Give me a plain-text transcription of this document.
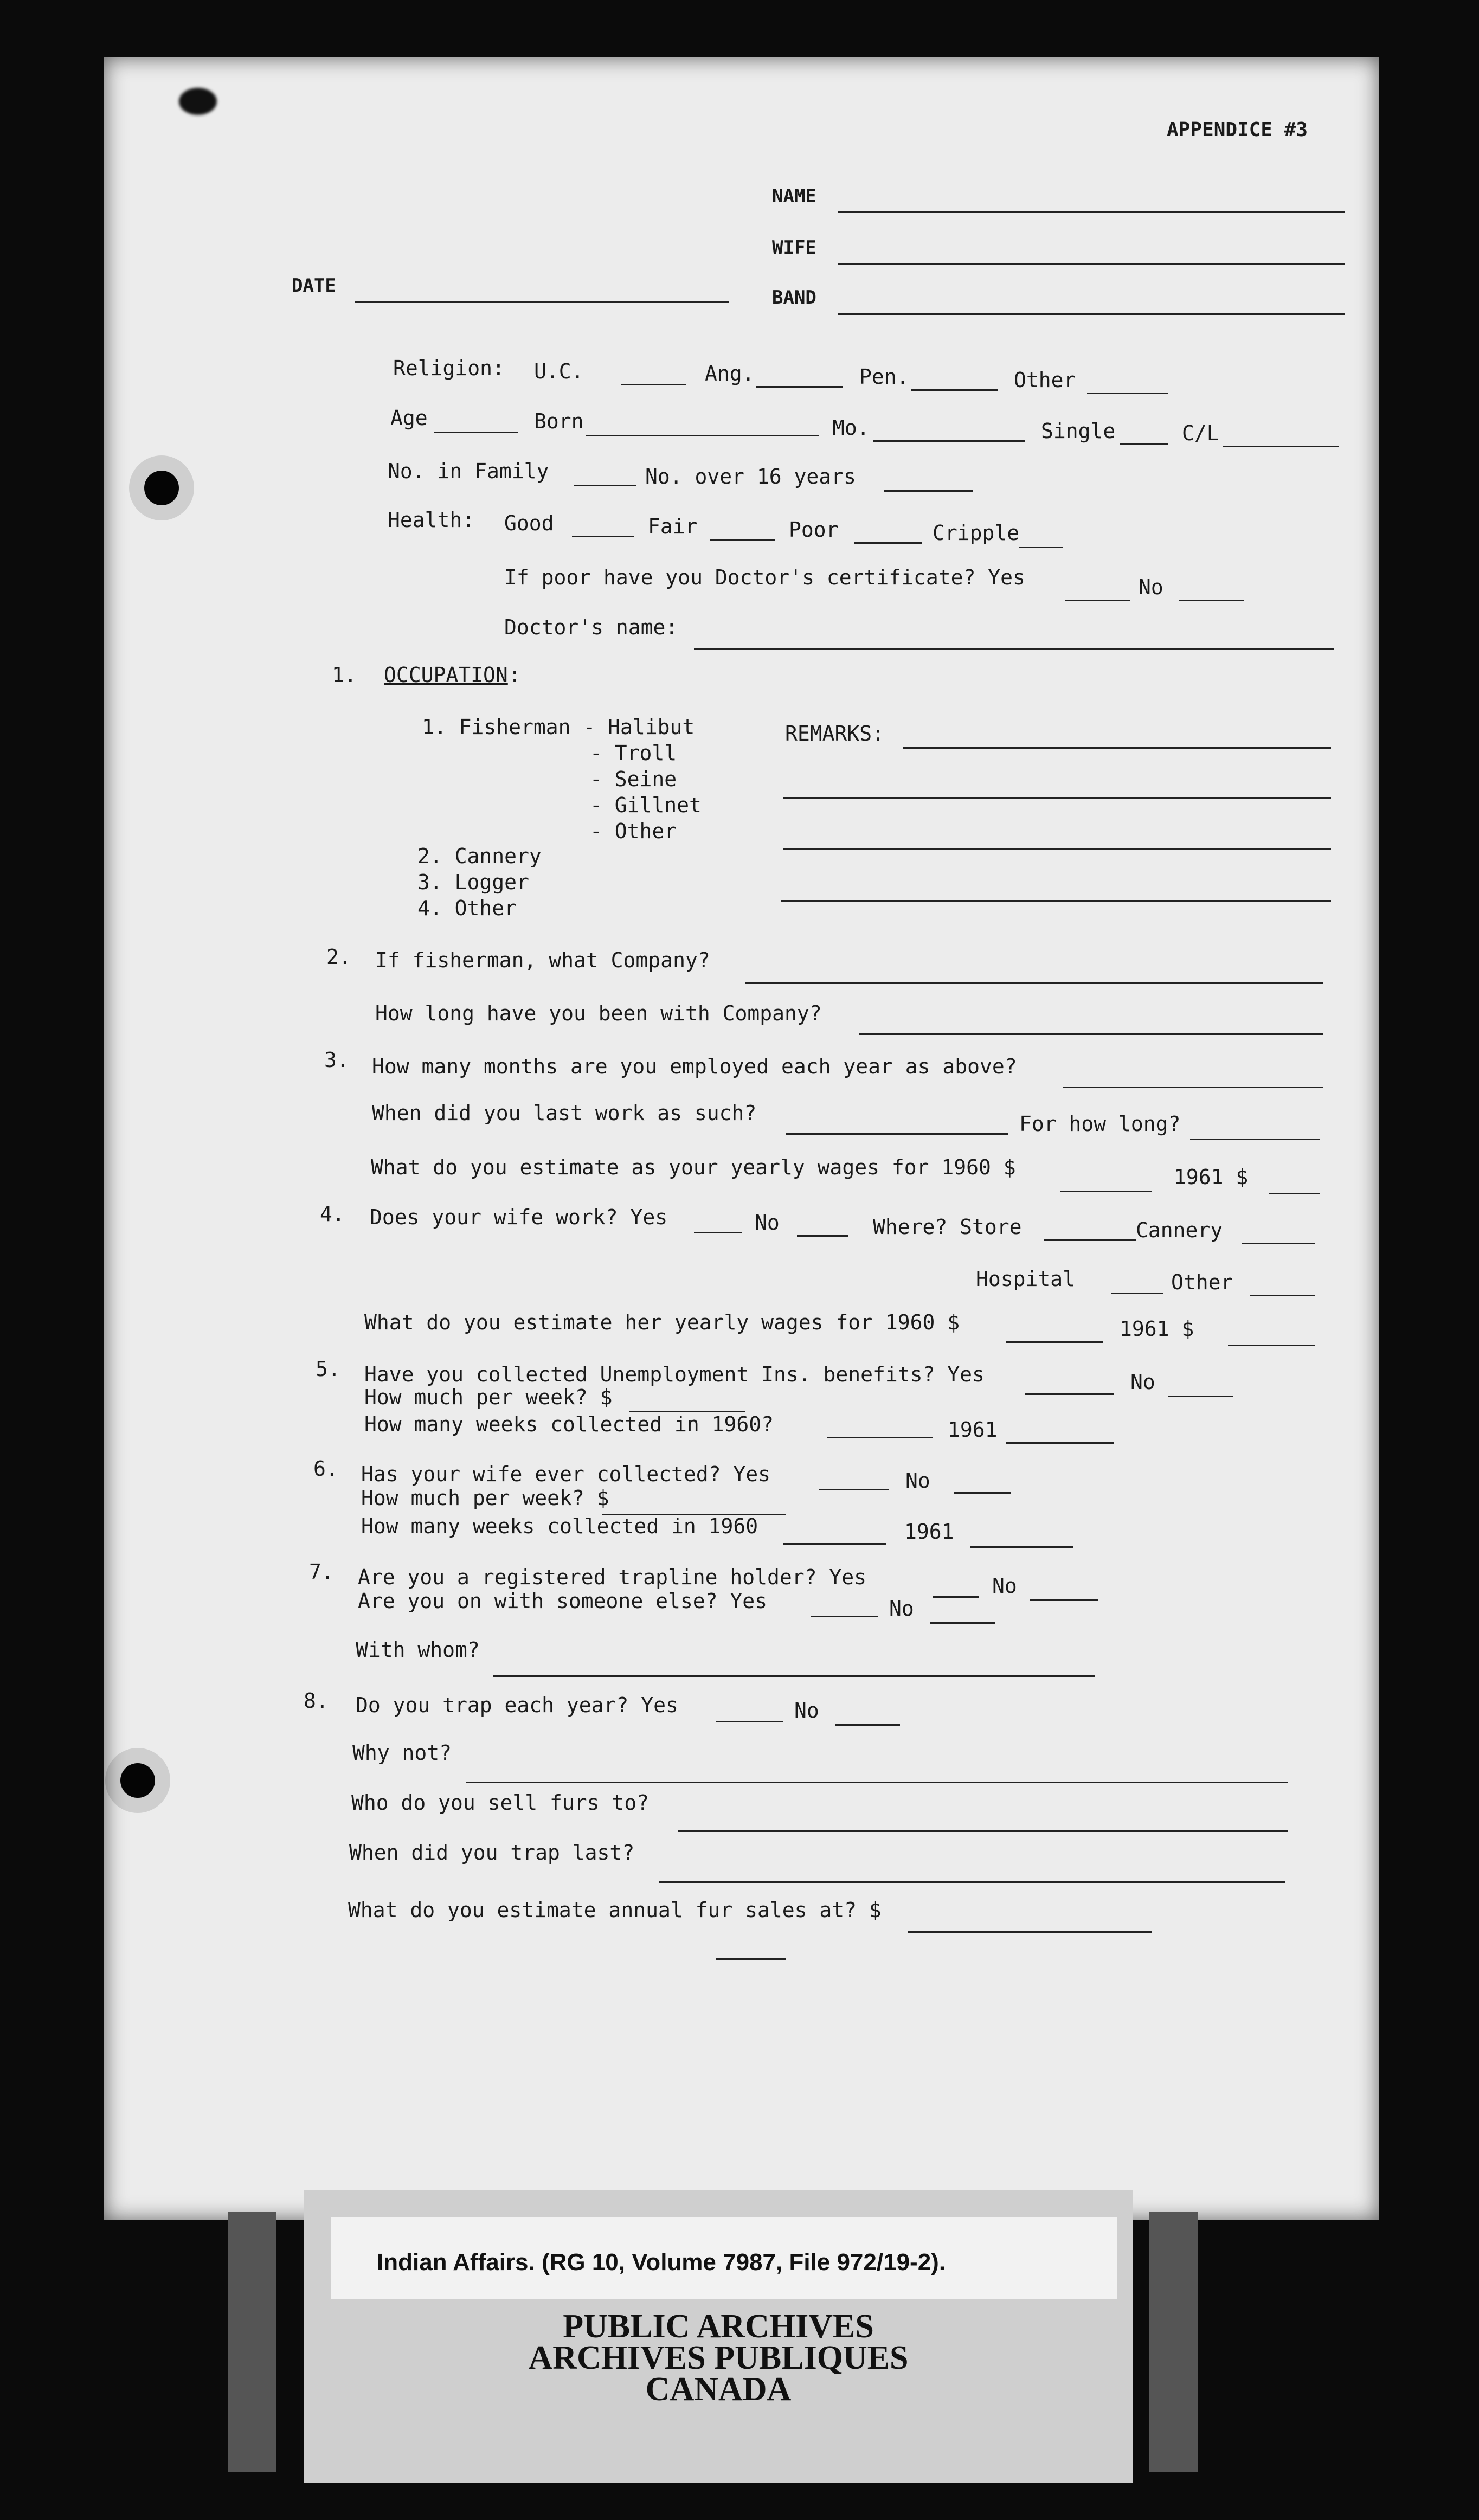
APPENDICE #3
NAME
WIFE
DATE
BAND
Religion: U.C.	Ang.	Pen.	Other
Age	Born	Mo.	Single	C/L
No. in Family	No. over 16 years
Health: Good	Fair	Poor	Cripple
If poor have you Doctor's certificate? Yes	No
Doctor's name:
1. OCCUPATION :
1. Fisherman - Halibut
- Troll
- Seine
- Gillnet
- Other
2. Cannery
3. Logger
4. Other
REMARKS:
2. If fisherman, what Company?
How long have you been with Company?
3. How many months are you employed each year as above?
When did you last work as such?	For how long?
What do you estimate as your yearly wages for 1960 $	1961 $
4. Does your wife work? Yes	No	Where? Store	Cannery
Hospital	Other
What do you estimate her yearly wages for 1960 $	1961 $
5. Have you collected Unemployment Ins. benefits? Yes	No
How much per week? $
How many weeks collected in 1960?	1961
6. Has your wife ever collected? Yes	No
How much per week? $
How many weeks collected in 1960	1961
7. Are you a registered trapline holder? Yes	No
Are you on with someone else? Yes	No
With whom?
8. Do you trap each year? Yes	No
Why not?
Who do you sell furs to?
When did you trap last?
What do you estimate annual fur sales at? $
Indian Affairs. (RG 10, Volume 7987, File 972/19-2).
PUBLIC ARCHIVES
ARCHIVES PUBLIQUES
CANADA
